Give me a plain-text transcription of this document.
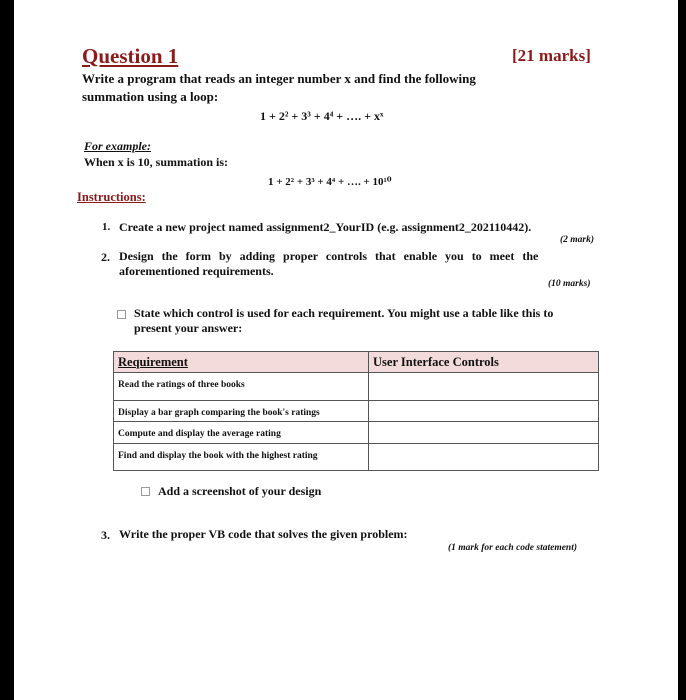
Question 1	[21 marks]
Write a program that reads an integer number x and find the following
summation using a loop:
1 + 2² + 3³ + 4⁴ + …. + xˣ
For example:
When x is 10, summation is:
1 + 2² + 3³ + 4⁴ + …. + 10¹⁰
Instructions:
1. Create a new project named assignment2_YourID (e.g. assignment2_202110442).
(2 mark)
2. Design the form by adding proper controls that enable you to meet the
aforementioned requirements.
(10 marks)
State which control is used for each requirement. You might use a table like this to
present your answer:
Requirement	User Interface Controls
Read the ratings of three books	
Display a bar graph comparing the book's ratings	
Compute and display the average rating	
Find and display the book with the highest rating	
Add a screenshot of your design
3. Write the proper VB code that solves the given problem:
(1 mark for each code statement)
